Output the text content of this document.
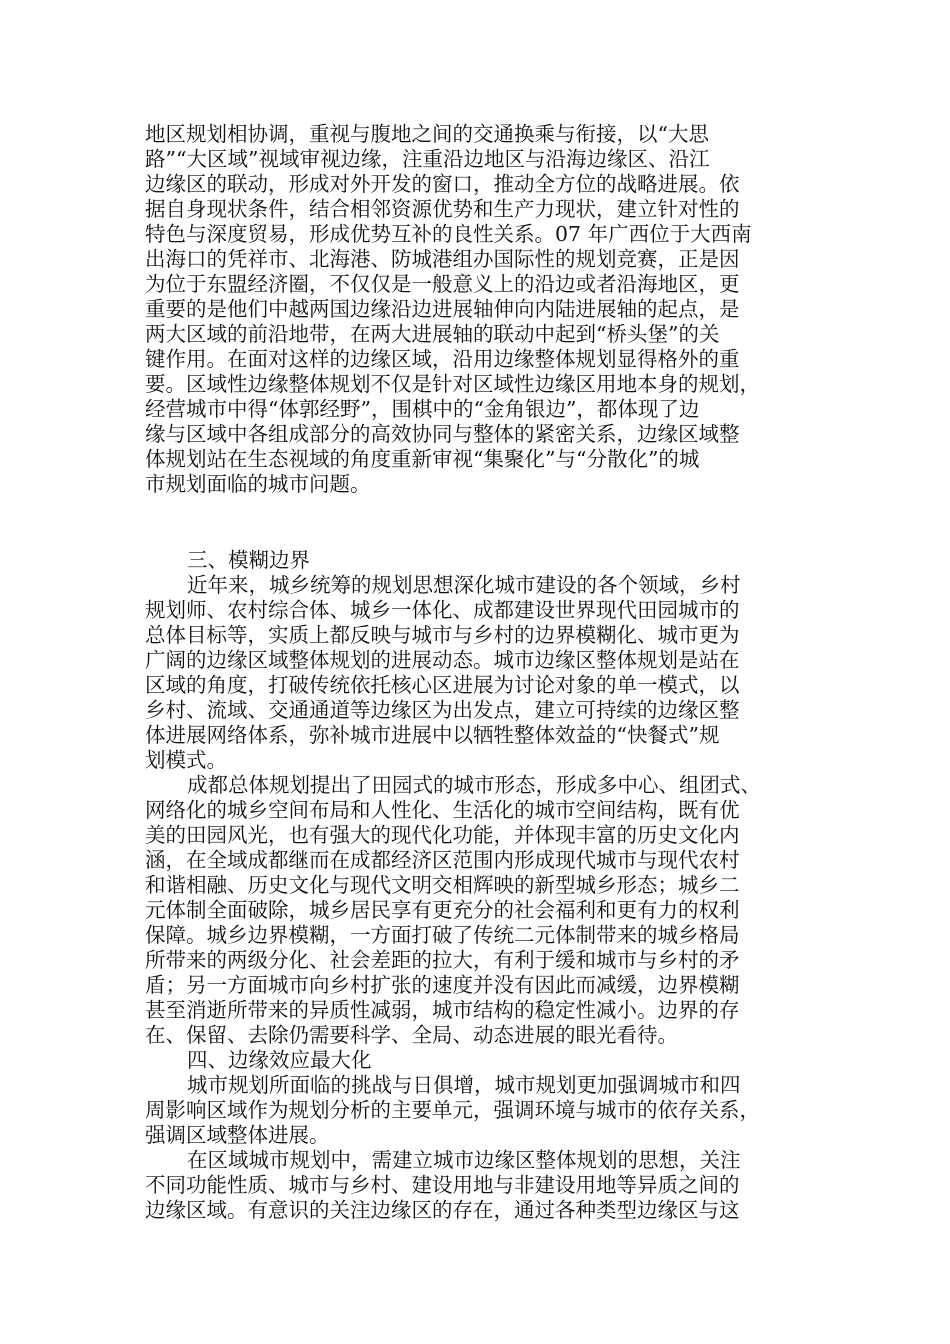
地区规划相协调，重视与腹地之间的交通换乘与衔接，以“大思
路”“大区域”视域审视边缘，注重沿边地区与沿海边缘区、沿江
边缘区的联动，形成对外开发的窗口，推动全方位的战略进展。依
据自身现状条件，结合相邻资源优势和生产力现状，建立针对性的
特色与深度贸易，形成优势互补的良性关系。07 年广西位于大西南
出海口的凭祥市、北海港、防城港组办国际性的规划竞赛，正是因
为位于东盟经济圈，不仅仅是一般意义上的沿边或者沿海地区，更
重要的是他们中越两国边缘沿边进展轴伸向内陆进展轴的起点，是
两大区域的前沿地带，在两大进展轴的联动中起到“桥头堡”的关
键作用。在面对这样的边缘区域，沿用边缘整体规划显得格外的重
要。区域性边缘整体规划不仅是针对区域性边缘区用地本身的规划，
经营城市中得“体郭经野”，围棋中的“金角银边”，都体现了边
缘与区域中各组成部分的高效协同与整体的紧密关系，边缘区域整
体规划站在生态视域的角度重新审视“集聚化”与“分散化”的城
市规划面临的城市问题。
三、模糊边界
近年来，城乡统筹的规划思想深化城市建设的各个领域，乡村
规划师、农村综合体、城乡一体化、成都建设世界现代田园城市的
总体目标等，实质上都反映与城市与乡村的边界模糊化、城市更为
广阔的边缘区域整体规划的进展动态。城市边缘区整体规划是站在
区域的角度，打破传统依托核心区进展为讨论对象的单一模式，以
乡村、流域、交通通道等边缘区为出发点，建立可持续的边缘区整
体进展网络体系，弥补城市进展中以牺牲整体效益的“快餐式”规
划模式。
成都总体规划提出了田园式的城市形态，形成多中心、组团式、
网络化的城乡空间布局和人性化、生活化的城市空间结构，既有优
美的田园风光，也有强大的现代化功能，并体现丰富的历史文化内
涵，在全域成都继而在成都经济区范围内形成现代城市与现代农村
和谐相融、历史文化与现代文明交相辉映的新型城乡形态；城乡二
元体制全面破除，城乡居民享有更充分的社会福利和更有力的权利
保障。城乡边界模糊，一方面打破了传统二元体制带来的城乡格局
所带来的两级分化、社会差距的拉大，有利于缓和城市与乡村的矛
盾；另一方面城市向乡村扩张的速度并没有因此而减缓，边界模糊
甚至消逝所带来的异质性减弱，城市结构的稳定性减小。边界的存
在、保留、去除仍需要科学、全局、动态进展的眼光看待。
四、边缘效应最大化
城市规划所面临的挑战与日俱增，城市规划更加强调城市和四
周影响区域作为规划分析的主要单元，强调环境与城市的依存关系，
强调区域整体进展。
在区域城市规划中，需建立城市边缘区整体规划的思想，关注
不同功能性质、城市与乡村、建设用地与非建设用地等异质之间的
边缘区域。有意识的关注边缘区的存在，通过各种类型边缘区与这
